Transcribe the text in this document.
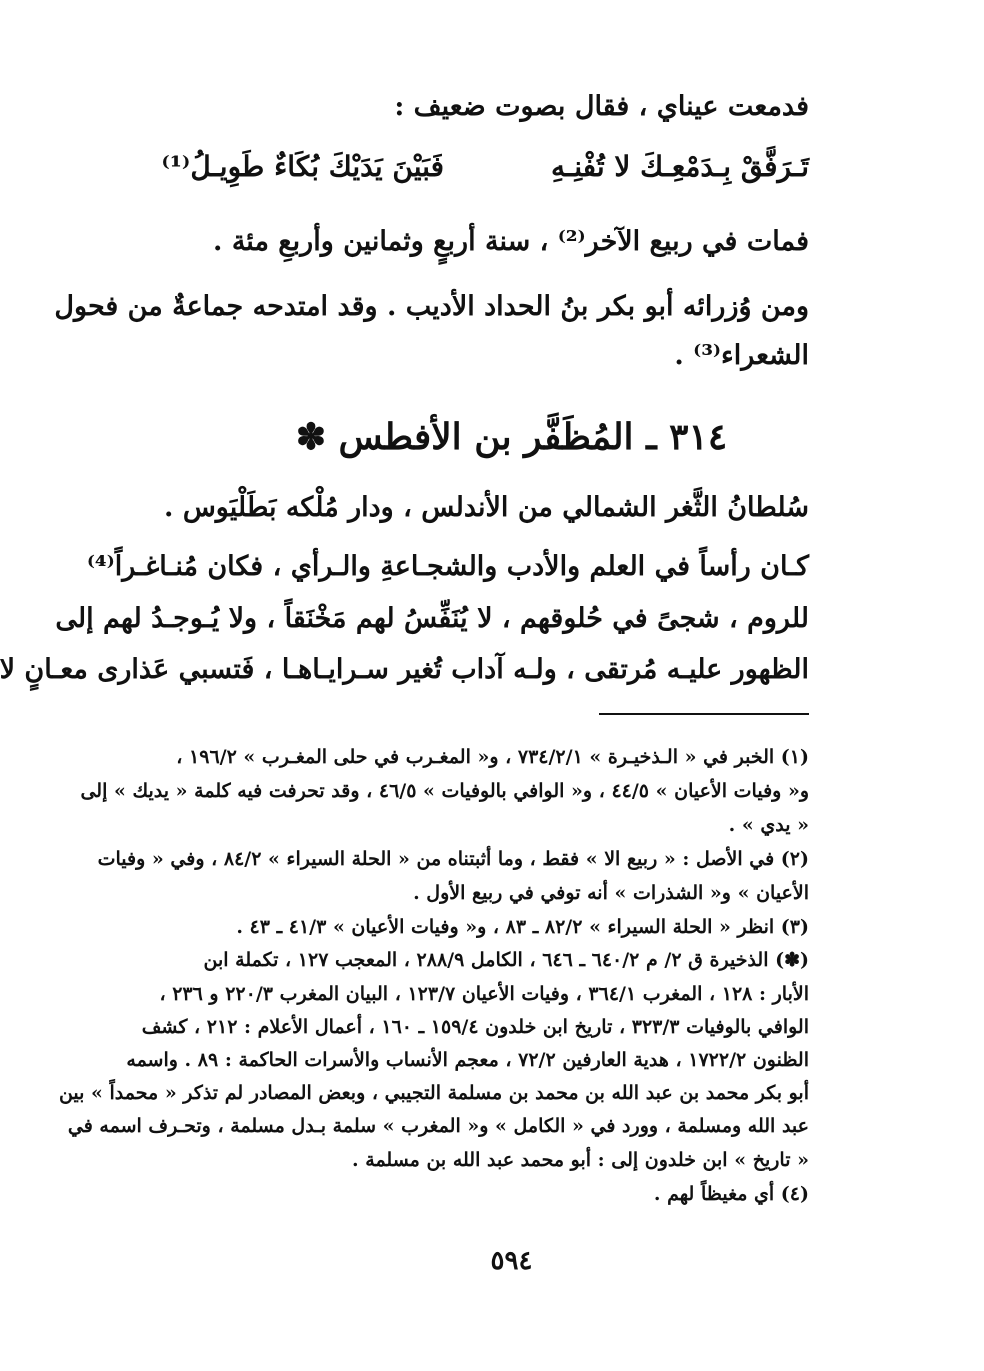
فدمعت عيناي ، فقال بصوت ضعيف :
تَـرَفَّقْ بِـدَمْعِـكَ لا تُفْنِـهِ
فَبَيْنَ يَدَيْكَ بُكَاءٌ طَوِيـلُ⁽¹⁾
فمات في ربيع الآخر⁽²⁾ ، سنة أربعٍ وثمانين وأربعِ مئة .
ومن وُزرائه أبو بكر بنُ الحداد الأديب . وقد امتدحه جماعةٌ من فحول
الشعراء⁽³⁾ .
٣١٤ ـ المُظَفَّر بن الأفطس ✽
سُلطانُ الثَّغر الشمالي من الأندلس ، ودار مُلْكه بَطَلْيَوس .
كـان رأساً في العلم والأدب والشجـاعةِ والـرأي ، فكان مُنـاغـراً⁽⁴⁾
للروم ، شجىً في حُلوقهم ، لا يُنَفِّسُ لهم مَخْنَقاً ، ولا يُـوجـدُ لهم إلى
الظهور عليـه مُرتقى ، ولـه آداب تُغير سـرايـاهـا ، فَتسبي عَذارى معـانٍ لا
(١) الخبر في « الـذخيـرة » ٧٣٤/٢/١ ، و« المغـرب في حلى المغـرب » ١٩٦/٢ ،
و« وفيات الأعيان » ٤٤/٥ ، و« الوافي بالوفيات » ٤٦/٥ ، وقد تحرفت فيه كلمة « يديك » إلى
« يدي » .
(٢) في الأصل : « ربيع الا » فقط ، وما أثبتناه من « الحلة السيراء » ٨٤/٢ ، وفي « وفيات
الأعيان » و« الشذرات » أنه توفي في ربيع الأول .
(٣) انظر « الحلة السيراء » ٨٢/٢ ـ ٨٣ ، و« وفيات الأعيان » ٤١/٣ ـ ٤٣ .
(✽) الذخيرة ق ٢/ م ٦٤٠/٢ ـ ٦٤٦ ، الكامل ٢٨٨/٩ ، المعجب ١٢٧ ، تكملة ابن
الأبار : ١٢٨ ، المغرب ٣٦٤/١ ، وفيات الأعيان ١٢٣/٧ ، البيان المغرب ٢٢٠/٣ و ٢٣٦ ،
الوافي بالوفيات ٣٢٣/٣ ، تاريخ ابن خلدون ١٥٩/٤ ـ ١٦٠ ، أعمال الأعلام : ٢١٢ ، كشف
الظنون ١٧٢٢/٢ ، هدية العارفين ٧٢/٢ ، معجم الأنساب والأسرات الحاكمة : ٨٩ . واسمه
أبو بكر محمد بن عبد الله بن محمد بن مسلمة التجيبي ، وبعض المصادر لم تذكر « محمداً » بين
عبد الله ومسلمة ، وورد في « الكامل » و« المغرب » سلمة بـدل مسلمة ، وتحـرف اسمه في
« تاريخ » ابن خلدون إلى : أبو محمد عبد الله بن مسلمة .
(٤) أي مغيظاً لهم .
٥٩٤
